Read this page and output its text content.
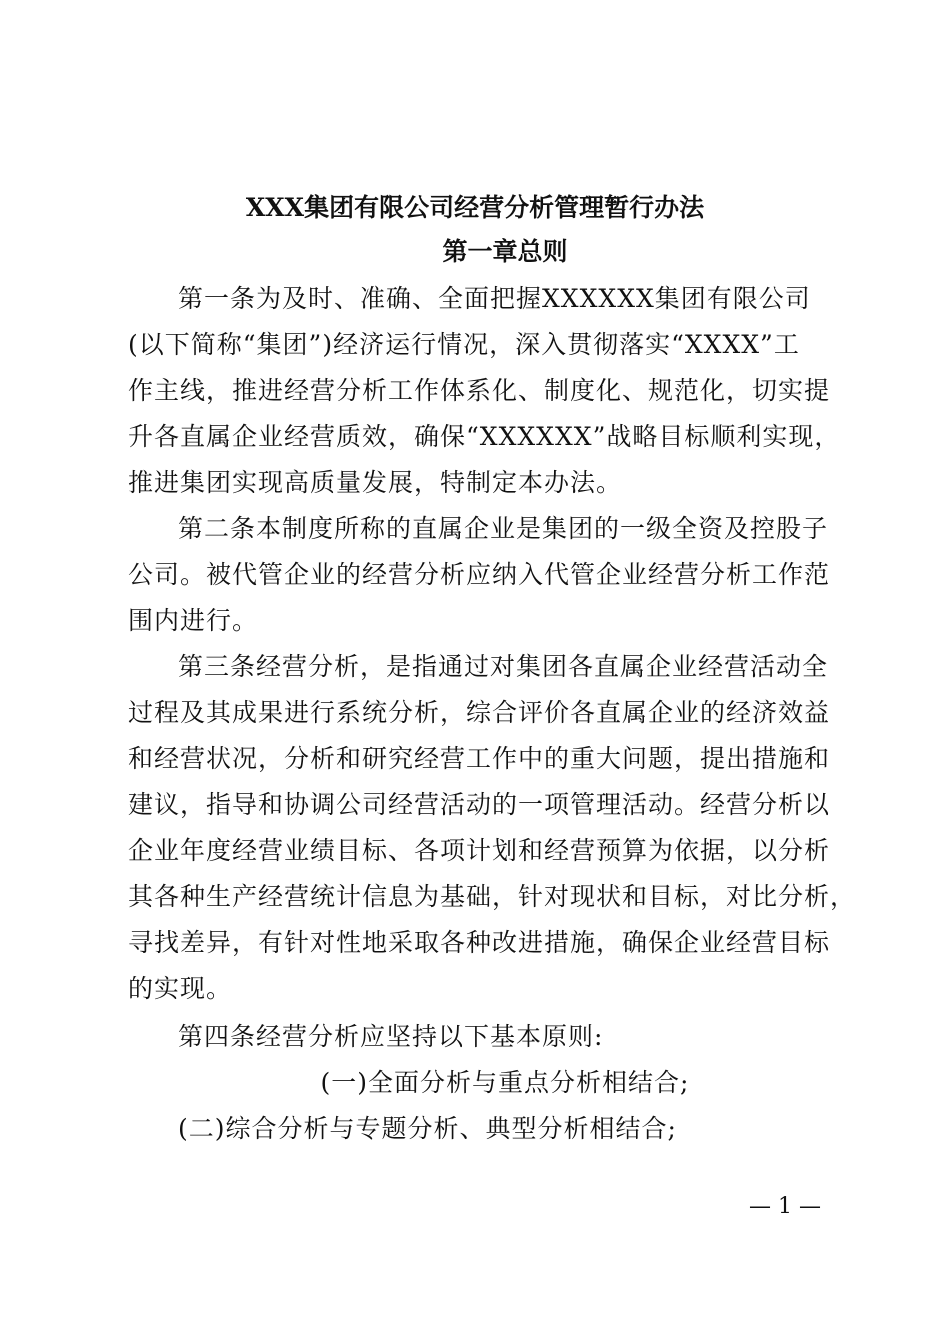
XXX集团有限公司经营分析管理暂行办法
第一章总则
第一条为及时、准确、全面把握XXXXXX集团有限公司
(以下简称“集团”)经济运行情况，深入贯彻落实“XXXX”工
作主线，推进经营分析工作体系化、制度化、规范化，切实提
升各直属企业经营质效，确保“XXXXXX”战略目标顺利实现，
推进集团实现高质量发展，特制定本办法。
第二条本制度所称的直属企业是集团的一级全资及控股子
公司。被代管企业的经营分析应纳入代管企业经营分析工作范
围内进行。
第三条经营分析，是指通过对集团各直属企业经营活动全
过程及其成果进行系统分析，综合评价各直属企业的经济效益
和经营状况，分析和研究经营工作中的重大问题，提出措施和
建议，指导和协调公司经营活动的一项管理活动。经营分析以
企业年度经营业绩目标、各项计划和经营预算为依据，以分析
其各种生产经营统计信息为基础，针对现状和目标，对比分析，
寻找差异，有针对性地采取各种改进措施，确保企业经营目标
的实现。
第四条经营分析应坚持以下基本原则:
(一)全面分析与重点分析相结合;
(二)综合分析与专题分析、典型分析相结合;
— 1 —
